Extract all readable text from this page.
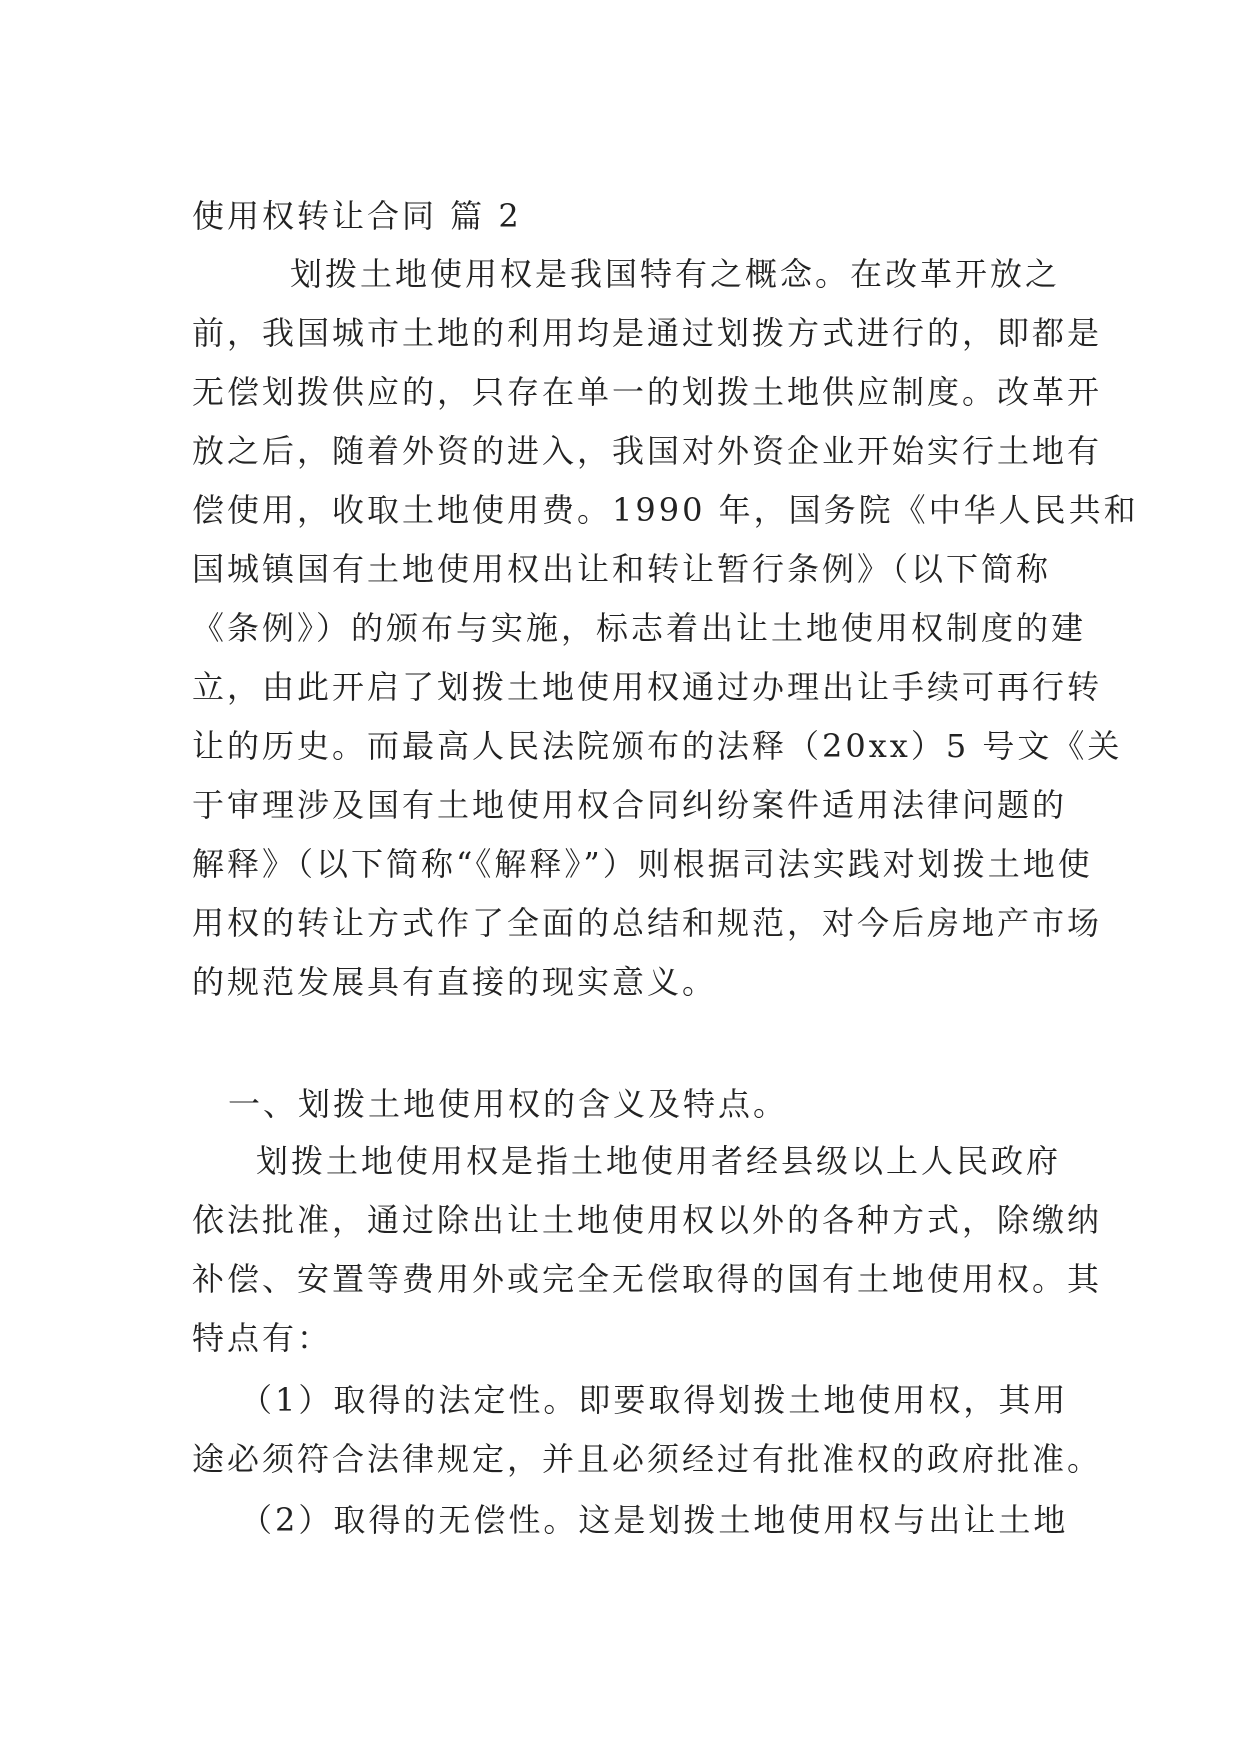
使用权转让合同 篇 2
划拨土地使用权是我国特有之概念。在改革开放之
前，我国城市土地的利用均是通过划拨方式进行的，即都是
无偿划拨供应的，只存在单一的划拨土地供应制度。改革开
放之后，随着外资的进入，我国对外资企业开始实行土地有
偿使用，收取土地使用费。1990 年，国务院《中华人民共和
国城镇国有土地使用权出让和转让暂行条例》（以下简称
《条例》）的颁布与实施，标志着出让土地使用权制度的建
立，由此开启了划拨土地使用权通过办理出让手续可再行转
让的历史。而最高人民法院颁布的法释（20xx）5 号文《关
于审理涉及国有土地使用权合同纠纷案件适用法律问题的
解释》（以下简称“《解释》”）则根据司法实践对划拨土地使
用权的转让方式作了全面的总结和规范，对今后房地产市场
的规范发展具有直接的现实意义。
一、划拨土地使用权的含义及特点。
划拨土地使用权是指土地使用者经县级以上人民政府
依法批准，通过除出让土地使用权以外的各种方式，除缴纳
补偿、安置等费用外或完全无偿取得的国有土地使用权。其
特点有：
（1）取得的法定性。即要取得划拨土地使用权，其用
途必须符合法律规定，并且必须经过有批准权的政府批准。
（2）取得的无偿性。这是划拨土地使用权与出让土地
